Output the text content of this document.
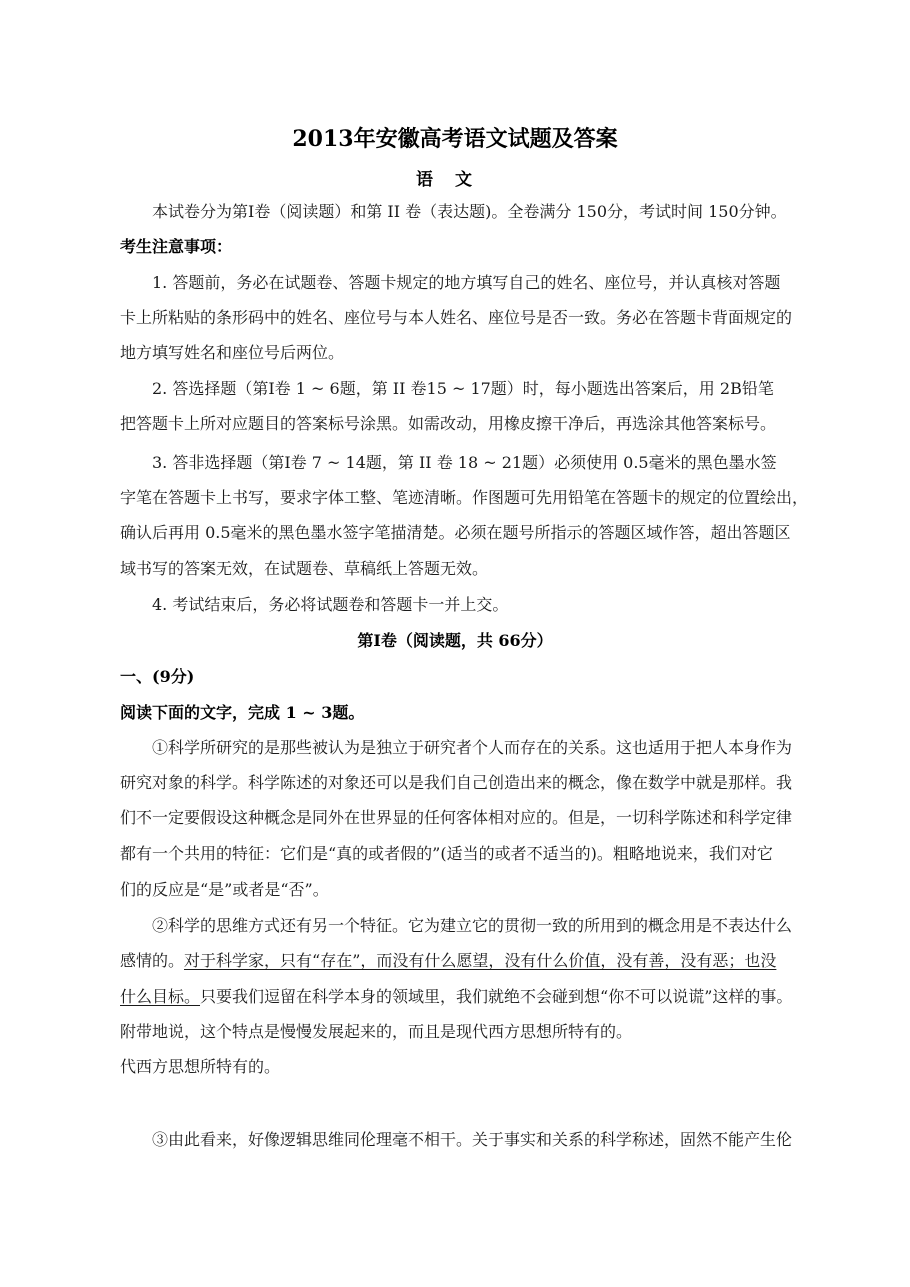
2013年安徽高考语文试题及答案
语文
本试卷分为第Ⅰ卷（阅读题）和第 II 卷（表达题)。全卷满分 150分，考试时间 150分钟。
考生注意事项：
1. 答题前，务必在试题卷、答题卡规定的地方填写自己的姓名、座位号，并认真核对答题
卡上所粘贴的条形码中的姓名、座位号与本人姓名、座位号是否一致。务必在答题卡背面规定的
地方填写姓名和座位号后两位。
2. 答选择题（第Ⅰ卷 1 ~ 6题，第 II 卷15 ~ 17题）时，每小题选出答案后，用 2B铅笔
把答题卡上所对应题目的答案标号涂黑。如需改动，用橡皮擦干净后，再选涂其他答案标号。
3. 答非选择题（第Ⅰ卷 7 ~ 14题，第 II 卷 18 ~ 21题）必须使用 0.5毫米的黑色墨水签
字笔在答题卡上书写，要求字体工整、笔迹清晰。作图题可先用铅笔在答题卡的规定的位置绘出，
确认后再用 0.5毫米的黑色墨水签字笔描清楚。必须在题号所指示的答题区域作答，超出答题区
域书写的答案无效，在试题卷、草稿纸上答题无效。
4. 考试结束后，务必将试题卷和答题卡一并上交。
第Ⅰ卷（阅读题，共 66分）
一、(9分)
阅读下面的文字，完成 1 ~ 3题。
①科学所研究的是那些被认为是独立于研究者个人而存在的关系。这也适用于把人本身作为
研究对象的科学。科学陈述的对象还可以是我们自己创造出来的概念，像在数学中就是那样。我
们不一定要假设这种概念是同外在世界显的任何客体相对应的。但是，一切科学陈述和科学定律
都有一个共用的特征：它们是“真的或者假的”(适当的或者不适当的)。粗略地说来，我们对它
们的反应是“是”或者是“否”。
②科学的思维方式还有另一个特征。它为建立它的贯彻一致的所用到的概念用是不表达什么
感情的。对于科学家，只有“存在”，而没有什么愿望，没有什么价值，没有善，没有恶；也没
什么目标。只要我们逗留在科学本身的领域里，我们就绝不会碰到想“你不可以说谎”这样的事。
附带地说，这个特点是慢慢发展起来的，而且是现代西方思想所特有的。
代西方思想所特有的。
③由此看来，好像逻辑思维同伦理毫不相干。关于事实和关系的科学称述，固然不能产生伦
